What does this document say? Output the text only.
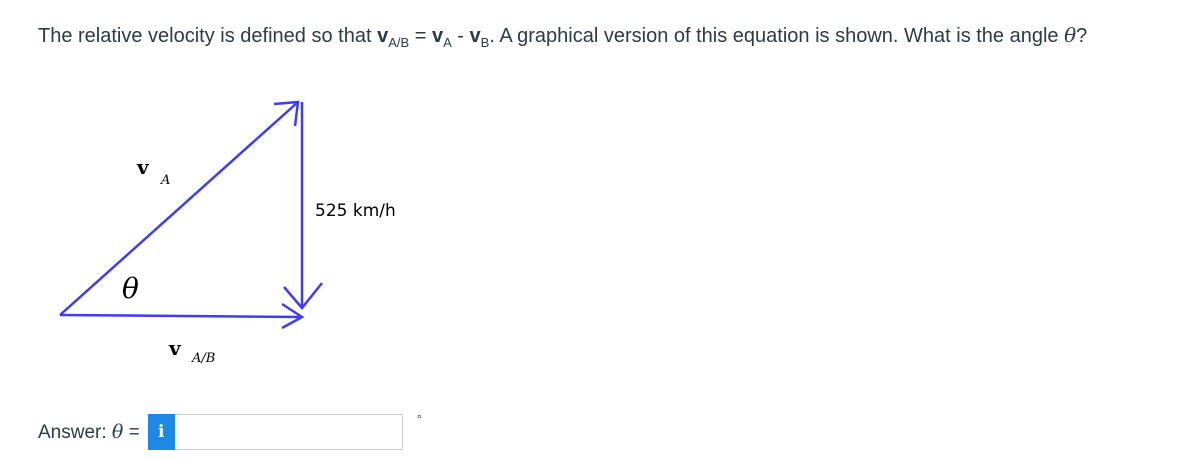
The relative velocity is defined so that $v_{A/B} = v_A - v_B$. A graphical version of this equation is shown. What is the angle θ?
v
A
θ
525 km/h
v A/B
Answer: θ =	i
°
